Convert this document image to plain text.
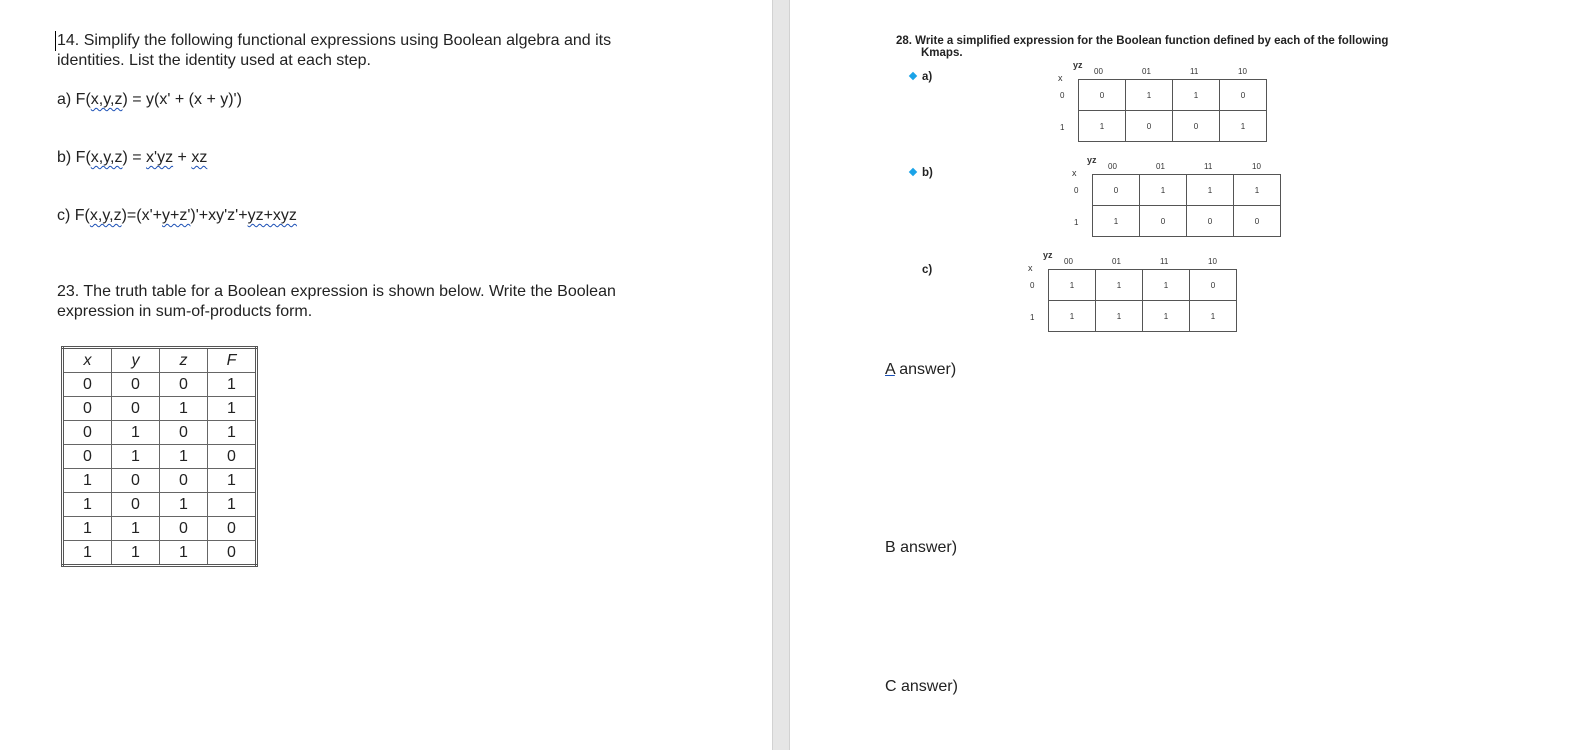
14. Simplify the following functional expressions using Boolean algebra and its
identities. List the identity used at each step.
a) F(x,y,z) = y(x' + (x + y)')
b) F(x,y,z) = x'yz + xz
c) F(x,y,z)=(x'+y+z')'+xy'z'+yz+xyz
23. The truth table for a Boolean expression is shown below. Write the Boolean
expression in sum-of-products form.
x	y	z	F
0	0	0	1
0	0	1	1
0	1	0	1
0	1	1	0
1	0	0	1
1	0	1	1
1	1	0	0
1	1	1	0
28. Write a simplified expression for the Boolean function defined by each of the following
Kmaps.
a)
yz
x
00	01	11	10
0
1
0	1	1	0
1	0	0	1
b)
yz
x
00	01	11	10
0
1
0	1	1	1
1	0	0	0
c)
yz
x
00	01	11	10
0
1
1	1	1	0
1	1	1	1
A answer)
B answer)
C answer)
